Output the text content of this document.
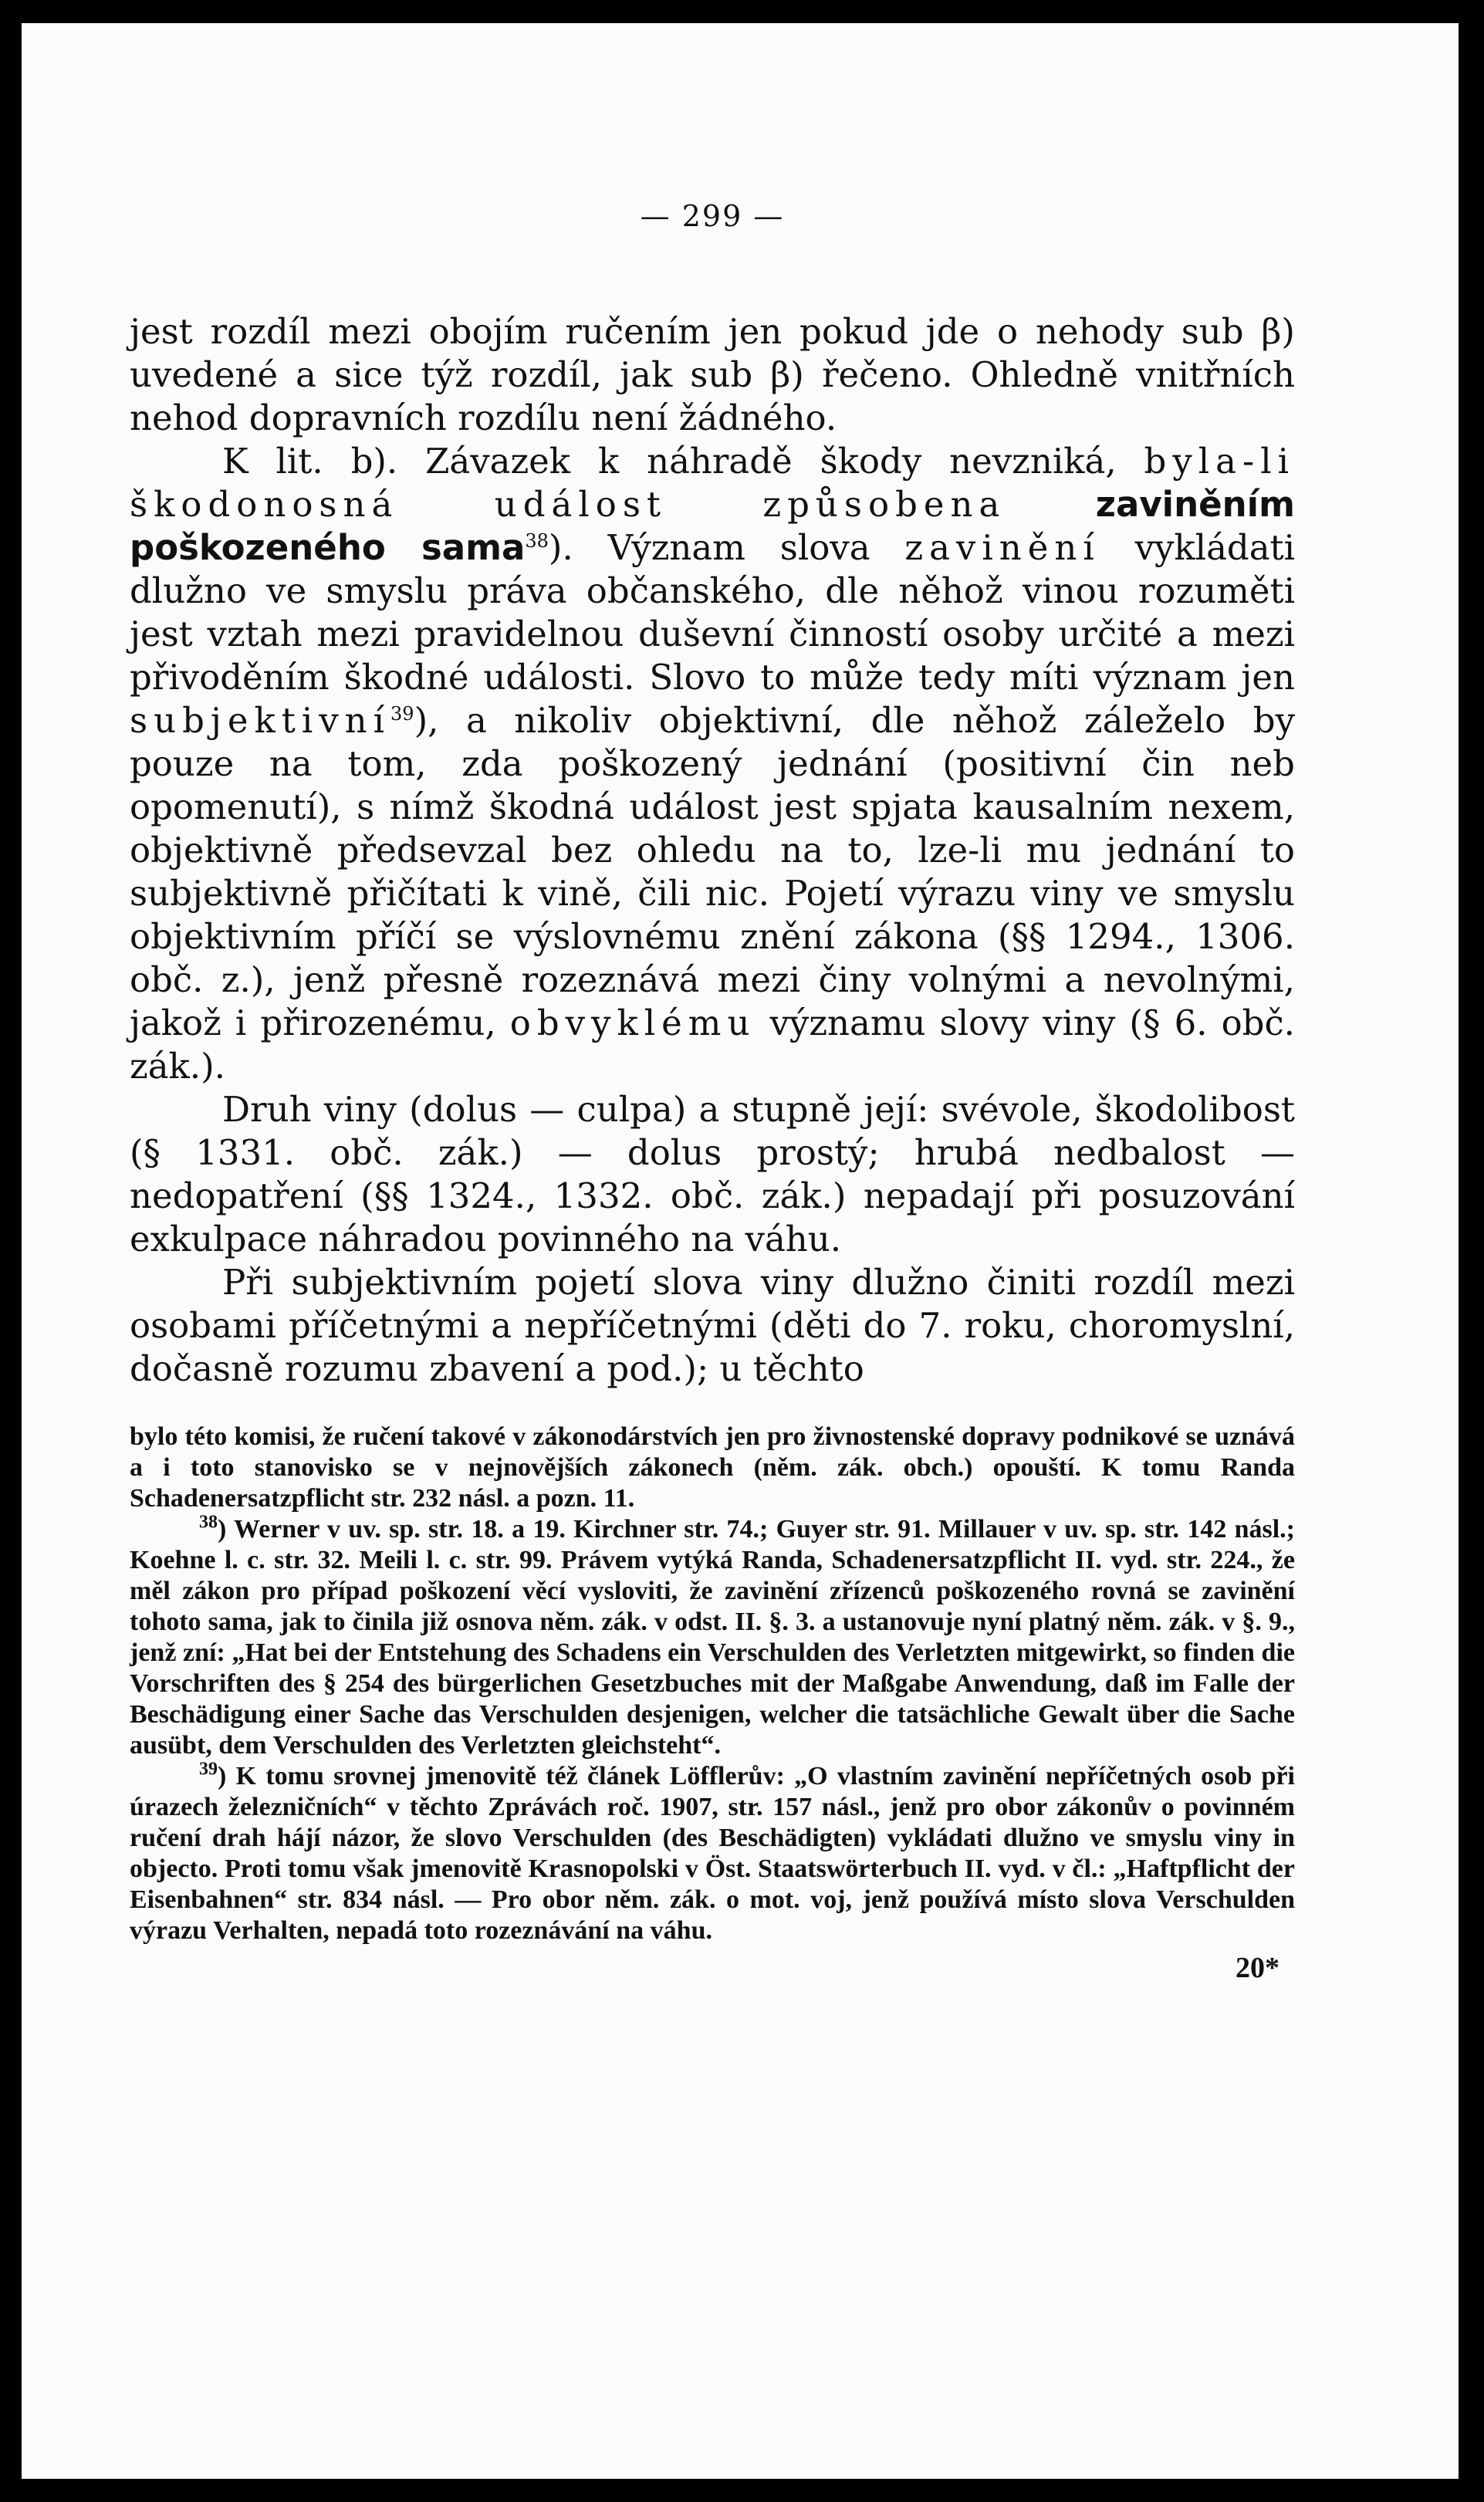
— 299 —

jest rozdíl mezi obojím ručením jen pokud jde o nehody sub β) uvedené a sice týž rozdíl, jak sub β) řečeno. Ohledně vnitřních nehod dopravních rozdílu není žádného.

K lit. b). Závazek k náhradě škody nevzniká, byla-li škodonosná událost způsobena	zaviněním poškozeného sama$^{38}$). Význam slova zavinění vykládati dlužno ve smyslu práva občanského, dle něhož vinou rozuměti jest vztah mezi pravidelnou duševní činností osoby určité a mezi přivoděním škodné události. Slovo to může tedy míti význam jen subjektivní$^{39}$), a nikoliv objektivní, dle něhož záleželo by pouze na tom, zda poškozený jednání (positivní čin neb opomenutí), s nímž škodná událost jest spjata kausalním nexem, objektivně předsevzal bez ohledu na to, lze-li mu jednání to subjektivně přičítati k vině, čili nic. Pojetí výrazu viny ve smyslu objektivním příčí se výslovnému znění zákona (§§ 1294., 1306. obč. z.), jenž přesně rozeznává mezi činy volnými a nevolnými, jakož i přirozenému, obvyklému významu slovy viny (§ 6. obč. zák.).

Druh viny (dolus — culpa) a stupně její: svévole, škodolibost (§ 1331. obč. zák.) — dolus prostý; hrubá nedbalost — nedopatření (§§ 1324., 1332. obč. zák.) nepadají při posuzování exkulpace náhradou povinného na váhu.

Při subjektivním pojetí slova viny dlužno činiti rozdíl mezi osobami příčetnými a nepříčetnými (děti do 7. roku, choromyslní, dočasně rozumu zbavení a pod.); u těchto

bylo této komisi, že ručení takové v zákonodárstvích jen pro živnostenské dopravy podnikové se uznává a i toto stanovisko se v nejnovějších zákonech (něm. zák. obch.) opouští. K tomu Randa Schadenersatzpflicht str. 232 násl. a pozn. 11.

$^{38}$) Werner v uv. sp. str. 18. a 19. Kirchner str. 74.; Guyer str. 91. Millauer v uv. sp. str. 142 násl.; Koehne l. c. str. 32. Meili l. c. str. 99. Právem vytýká Randa, Schadenersatzpflicht II. vyd. str. 224., že měl zákon pro případ poškození věcí vysloviti, že zavinění zřízenců poškozeného rovná se zavinění tohoto sama, jak to činila již osnova něm. zák. v odst. II. §. 3. a ustanovuje nyní platný něm. zák. v §. 9., jenž zní: „Hat bei der Entstehung des Schadens ein Verschulden des Verletzten mitgewirkt, so finden die Vorschriften des § 254 des bürgerlichen Gesetzbuches mit der Maßgabe Anwendung, daß im Falle der Beschädigung einer Sache das Verschulden desjenigen, welcher die tatsächliche Gewalt über die Sache ausübt, dem Verschulden des Verletzten gleichsteht“.

$^{39}$) K tomu srovnej jmenovitě též článek Löfflerův: „O vlastním zavinění nepříčetných osob při úrazech železničních“ v těchto Zprávách roč. 1907, str. 157 násl., jenž pro obor zákonův o povinném ručení drah hájí názor, že slovo Verschulden (des Beschädigten) vykládati dlužno ve smyslu viny in objecto. Proti tomu však jmenovitě Krasnopolski v Öst. Staatswörterbuch II. vyd. v čl.: „Haftpflicht der Eisenbahnen“ str. 834 násl. — Pro obor něm. zák. o mot. voj, jenž používá místo slova Verschulden výrazu Verhalten, nepadá toto rozeznávání na váhu.

20*
